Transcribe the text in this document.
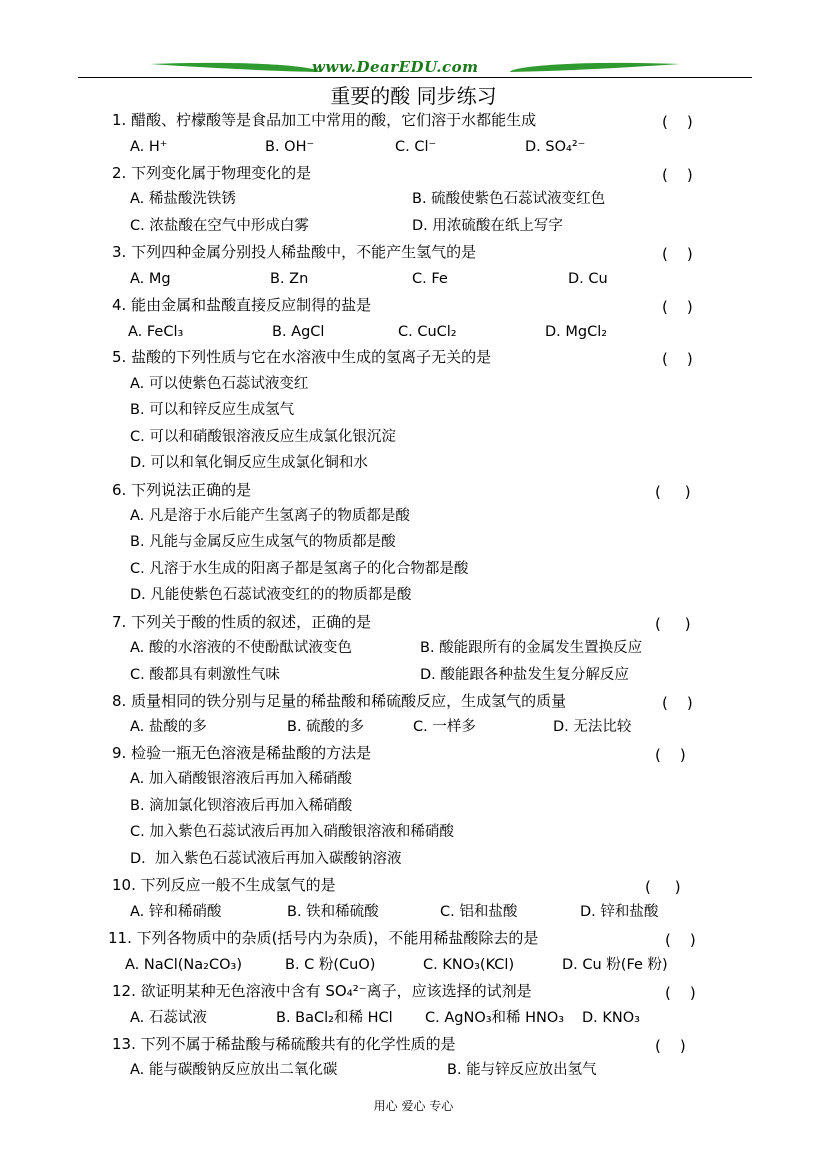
www.DearEDU.com
重要的酸 同步练习
1. 醋酸、柠檬酸等是食品加工中常用的酸，它们溶于水都能生成	(    )
A. H⁺	B. OH⁻	C. Cl⁻	D. SO₄²⁻
2. 下列变化属于物理变化的是	(    )
A. 稀盐酸洗铁锈	B. 硫酸使紫色石蕊试液变红色
C. 浓盐酸在空气中形成白雾	D. 用浓硫酸在纸上写字
3. 下列四种金属分别投人稀盐酸中，不能产生氢气的是	(    )
A. Mg	B. Zn	C. Fe	D. Cu
4. 能由金属和盐酸直接反应制得的盐是	(    )
A. FeCl₃	B. AgCl	C. CuCl₂	D. MgCl₂
5. 盐酸的下列性质与它在水溶液中生成的氢离子无关的是	(    )
A. 可以使紫色石蕊试液变红
B. 可以和锌反应生成氢气
C. 可以和硝酸银溶液反应生成氯化银沉淀
D. 可以和氧化铜反应生成氯化铜和水
6. 下列说法正确的是	(     )
A. 凡是溶于水后能产生氢离子的物质都是酸
B. 凡能与金属反应生成氢气的物质都是酸
C. 凡溶于水生成的阳离子都是氢离子的化合物都是酸
D. 凡能使紫色石蕊试液变红的的物质都是酸
7. 下列关于酸的性质的叙述，正确的是	(     )
A. 酸的水溶液的不使酚酞试液变色	B. 酸能跟所有的金属发生置换反应
C. 酸都具有刺激性气味	D. 酸能跟各种盐发生复分解反应
8. 质量相同的铁分别与足量的稀盐酸和稀硫酸反应，生成氢气的质量	(    )
A. 盐酸的多	B. 硫酸的多	C. 一样多	D. 无法比较
9. 检验一瓶无色溶液是稀盐酸的方法是	(    )
A. 加入硝酸银溶液后再加入稀硝酸
B. 滴加氯化钡溶液后再加入稀硝酸
C. 加入紫色石蕊试液后再加入硝酸银溶液和稀硝酸
D.  加入紫色石蕊试液后再加入碳酸钠溶液
10. 下列反应一般不生成氢气的是	(     )
A. 锌和稀硝酸	B. 铁和稀硫酸	C. 铝和盐酸	D. 锌和盐酸
11. 下列各物质中的杂质(括号内为杂质)，不能用稀盐酸除去的是	(    )
A. NaCl(Na₂CO₃)	B. C 粉(CuO)	C. KNO₃(KCl)	D. Cu 粉(Fe 粉)
12. 欲证明某种无色溶液中含有 SO₄²⁻离子，应该选择的试剂是	(    )
A. 石蕊试液	B. BaCl₂和稀 HCl C. AgNO₃和稀 HNO₃ D. KNO₃
13. 下列不属于稀盐酸与稀硫酸共有的化学性质的是	(    )
A. 能与碳酸钠反应放出二氧化碳	B. 能与锌反应放出氢气
用心 爱心 专心
